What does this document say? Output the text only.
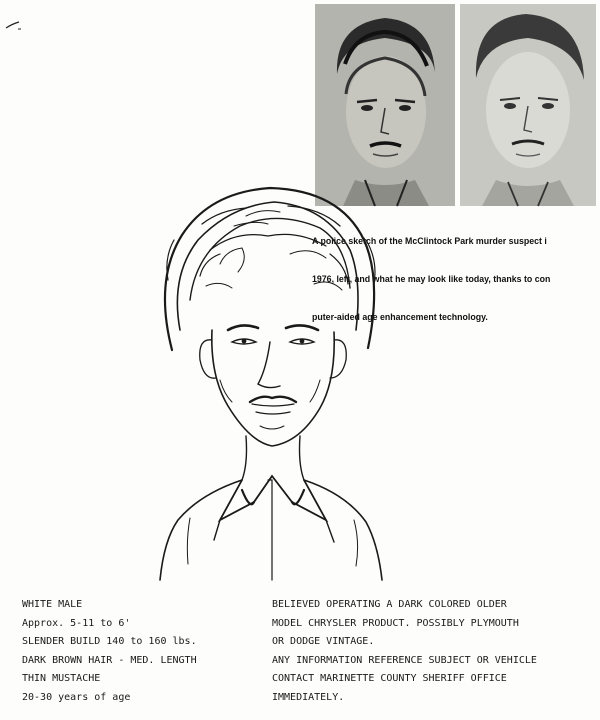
A police sketch of the McClintock Park murder suspect i

1976, left, and what he may look like today, thanks to con

puter-aided age enhancement technology.

WHITE MALE
Approx. 5-11 to 6'
SLENDER BUILD 140 to 160 lbs.
DARK BROWN HAIR - MED. LENGTH
THIN MUSTACHE
20-30 years of age
BELIEVED OPERATING A DARK COLORED OLDER
MODEL CHRYSLER PRODUCT. POSSIBLY PLYMOUTH
OR DODGE VINTAGE.
ANY INFORMATION REFERENCE SUBJECT OR VEHICLE
CONTACT MARINETTE COUNTY SHERIFF OFFICE
IMMEDIATELY.
